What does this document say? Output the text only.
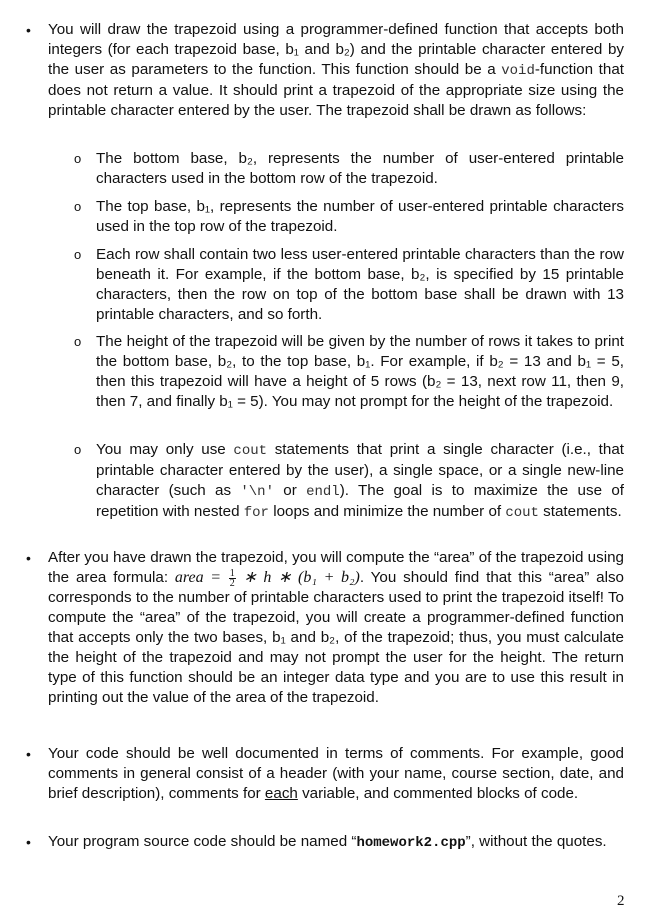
• You will draw the trapezoid using a programmer-defined function that accepts both integers (for each trapezoid base, b₁ and b₂) and the printable character entered by the user as parameters to the function. This function should be a void-function that does not return a value. It should print a trapezoid of the appropriate size using the printable character entered by the user. The trapezoid shall be drawn as follows:
o The bottom base, b₂, represents the number of user-entered printable characters used in the bottom row of the trapezoid.
o The top base, b₁, represents the number of user-entered printable characters used in the top row of the trapezoid.
o Each row shall contain two less user-entered printable characters than the row beneath it. For example, if the bottom base, b₂, is specified by 15 printable characters, then the row on top of the bottom base shall be drawn with 13 printable characters, and so forth.
o The height of the trapezoid will be given by the number of rows it takes to print the bottom base, b₂, to the top base, b₁. For example, if b₂ = 13 and b₁ = 5, then this trapezoid will have a height of 5 rows (b₂ = 13, next row 11, then 9, then 7, and finally b₁ = 5). You may not prompt for the height of the trapezoid.
o You may only use cout statements that print a single character (i.e., that printable character entered by the user), a single space, or a single new-line character (such as '\n' or endl). The goal is to maximize the use of repetition with nested for loops and minimize the number of cout statements.
• After you have drawn the trapezoid, you will compute the “area” of the trapezoid using the area formula: area = $\frac{1}{2}$ ∗ h ∗ (b₁ + b₂). You should find that this “area” also corresponds to the number of printable characters used to print the trapezoid itself! To compute the “area” of the trapezoid, you will create a programmer-defined function that accepts only the two bases, b₁ and b₂, of the trapezoid; thus, you must calculate the height of the trapezoid and may not prompt the user for the height. The return type of this function should be an integer data type and you are to use this result in printing out the value of the area of the trapezoid.
• Your code should be well documented in terms of comments. For example, good comments in general consist of a header (with your name, course section, date, and brief description), comments for each variable, and commented blocks of code.
• Your program source code should be named “homework2.cpp”, without the quotes.
2
